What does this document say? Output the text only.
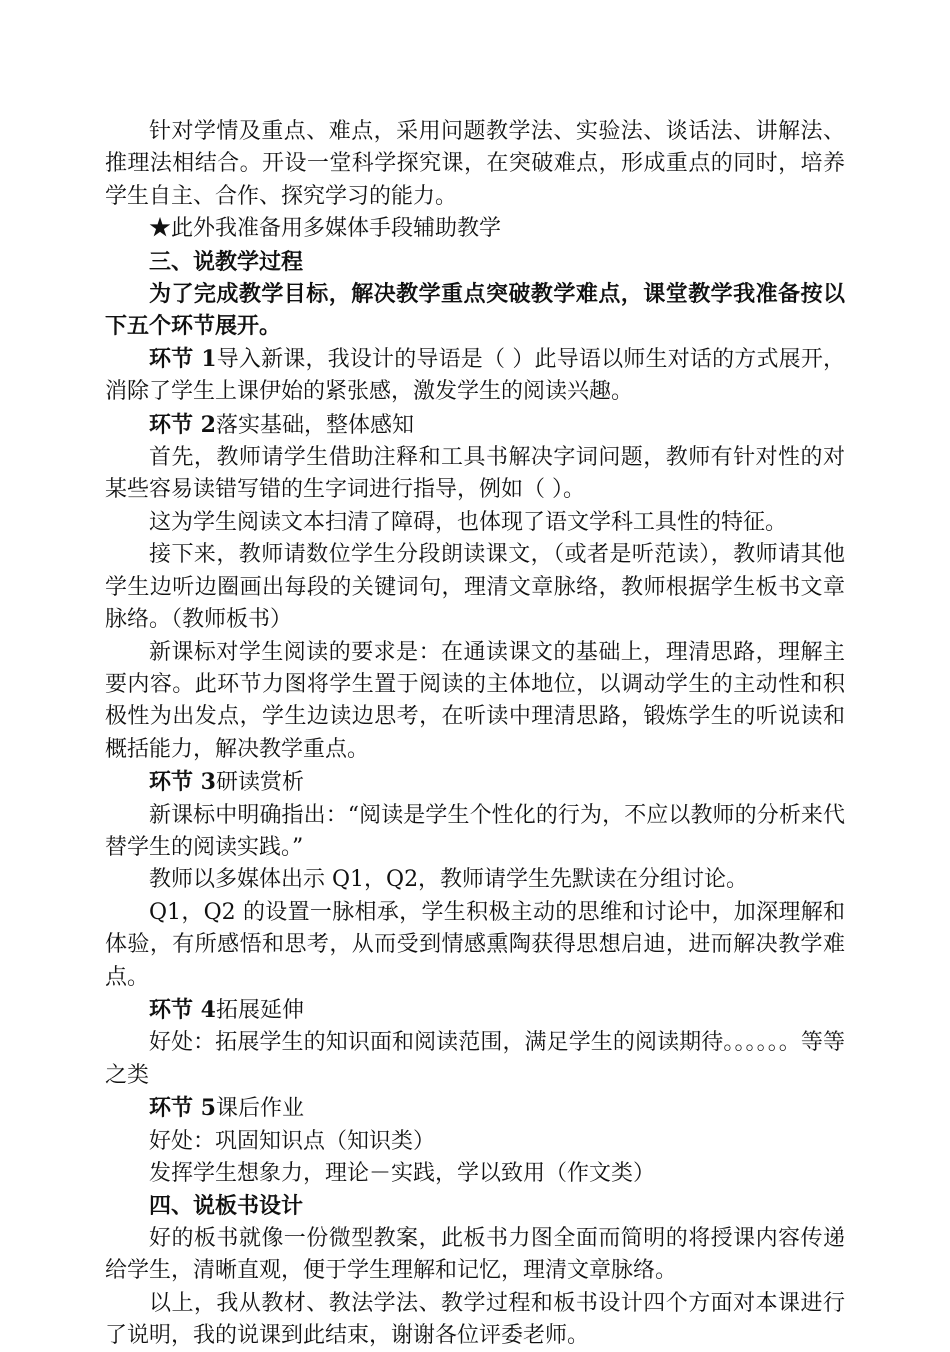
针对学情及重点、难点，采用问题教学法、实验法、谈话法、讲解法、推理法相结合。开设一堂科学探究课，在突破难点，形成重点的同时，培养学生自主、合作、探究学习的能力。

★此外我准备用多媒体手段辅助教学

三、说教学过程

为了完成教学目标，解决教学重点突破教学难点，课堂教学我准备按以下五个环节展开。

环节 1导入新课，我设计的导语是（ ）此导语以师生对话的方式展开，消除了学生上课伊始的紧张感，激发学生的阅读兴趣。

环节 2落实基础，整体感知

首先，教师请学生借助注释和工具书解决字词问题，教师有针对性的对某些容易读错写错的生字词进行指导，例如（ ）。

这为学生阅读文本扫清了障碍，也体现了语文学科工具性的特征。

接下来，教师请数位学生分段朗读课文，（或者是听范读），教师请其他学生边听边圈画出每段的关键词句，理清文章脉络，教师根据学生板书文章脉络。（教师板书）

新课标对学生阅读的要求是：在通读课文的基础上，理清思路，理解主要内容。此环节力图将学生置于阅读的主体地位，以调动学生的主动性和积极性为出发点，学生边读边思考，在听读中理清思路，锻炼学生的听说读和概括能力，解决教学重点。

环节 3研读赏析

新课标中明确指出：“阅读是学生个性化的行为，不应以教师的分析来代替学生的阅读实践。”

教师以多媒体出示 Q1，Q2，教师请学生先默读在分组讨论。

Q1，Q2 的设置一脉相承，学生积极主动的思维和讨论中，加深理解和体验，有所感悟和思考，从而受到情感熏陶获得思想启迪，进而解决教学难点。

环节 4拓展延伸

好处：拓展学生的知识面和阅读范围，满足学生的阅读期待。。。。。。等等之类

环节 5课后作业

好处：巩固知识点（知识类）

发挥学生想象力，理论－实践，学以致用（作文类）

四、说板书设计

好的板书就像一份微型教案，此板书力图全面而简明的将授课内容传递给学生，清晰直观，便于学生理解和记忆，理清文章脉络。

以上，我从教材、教法学法、教学过程和板书设计四个方面对本课进行了说明，我的说课到此结束，谢谢各位评委老师。
